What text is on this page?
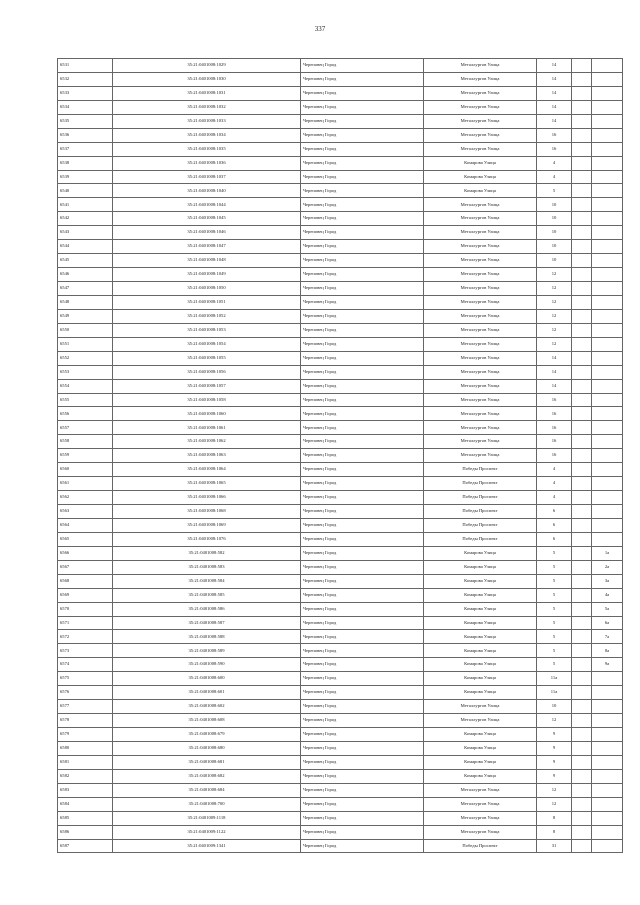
337
6531	35:21:0401008:1029	Череповец Город	Металлургов Улица	14		
6532	35:21:0401008:1030	Череповец Город	Металлургов Улица	14		
6533	35:21:0401008:1031	Череповец Город	Металлургов Улица	14		
6534	35:21:0401008:1032	Череповец Город	Металлургов Улица	14		
6535	35:21:0401008:1033	Череповец Город	Металлургов Улица	14		
6536	35:21:0401008:1034	Череповец Город	Металлургов Улица	16		
6537	35:21:0401008:1035	Череповец Город	Металлургов Улица	16		
6538	35:21:0401008:1036	Череповец Город	Комарова Улица	4		
6539	35:21:0401008:1037	Череповец Город	Комарова Улица	4		
6540	35:21:0401008:1040	Череповец Город	Комарова Улица	5		
6541	35:21:0401008:1044	Череповец Город	Металлургов Улица	10		
6542	35:21:0401008:1045	Череповец Город	Металлургов Улица	10		
6543	35:21:0401008:1046	Череповец Город	Металлургов Улица	10		
6544	35:21:0401008:1047	Череповец Город	Металлургов Улица	10		
6545	35:21:0401008:1048	Череповец Город	Металлургов Улица	10		
6546	35:21:0401008:1049	Череповец Город	Металлургов Улица	12		
6547	35:21:0401008:1050	Череповец Город	Металлургов Улица	12		
6548	35:21:0401008:1051	Череповец Город	Металлургов Улица	12		
6549	35:21:0401008:1052	Череповец Город	Металлургов Улица	12		
6550	35:21:0401008:1053	Череповец Город	Металлургов Улица	12		
6551	35:21:0401008:1054	Череповец Город	Металлургов Улица	12		
6552	35:21:0401008:1055	Череповец Город	Металлургов Улица	14		
6553	35:21:0401008:1056	Череповец Город	Металлургов Улица	14		
6554	35:21:0401008:1057	Череповец Город	Металлургов Улица	14		
6555	35:21:0401008:1058	Череповец Город	Металлургов Улица	16		
6556	35:21:0401008:1060	Череповец Город	Металлургов Улица	16		
6557	35:21:0401008:1061	Череповец Город	Металлургов Улица	16		
6558	35:21:0401008:1062	Череповец Город	Металлургов Улица	16		
6559	35:21:0401008:1063	Череповец Город	Металлургов Улица	16		
6560	35:21:0401008:1064	Череповец Город	Победы Проспект	4		
6561	35:21:0401008:1065	Череповец Город	Победы Проспект	4		
6562	35:21:0401008:1066	Череповец Город	Победы Проспект	4		
6563	35:21:0401008:1068	Череповец Город	Победы Проспект	6		
6564	35:21:0401008:1069	Череповец Город	Победы Проспект	6		
6565	35:21:0401008:1076	Череповец Город	Победы Проспект	6		
6566	35:21:0401008:582	Череповец Город	Комарова Улица	5		1а
6567	35:21:0401008:583	Череповец Город	Комарова Улица	5		2а
6568	35:21:0401008:584	Череповец Город	Комарова Улица	5		3а
6569	35:21:0401008:585	Череповец Город	Комарова Улица	5		4а
6570	35:21:0401008:586	Череповец Город	Комарова Улица	5		5а
6571	35:21:0401008:587	Череповец Город	Комарова Улица	5		6а
6572	35:21:0401008:588	Череповец Город	Комарова Улица	5		7а
6573	35:21:0401008:589	Череповец Город	Комарова Улица	5		8а
6574	35:21:0401008:590	Череповец Город	Комарова Улица	5		9а
6575	35:21:0401008:600	Череповец Город	Комарова Улица	11а		
6576	35:21:0401008:601	Череповец Город	Комарова Улица	11а		
6577	35:21:0401008:602	Череповец Город	Металлургов Улица	10		
6578	35:21:0401008:608	Череповец Город	Металлургов Улица	12		
6579	35:21:0401008:679	Череповец Город	Комарова Улица	9		
6580	35:21:0401008:680	Череповец Город	Комарова Улица	9		
6581	35:21:0401008:681	Череповец Город	Комарова Улица	9		
6582	35:21:0401008:682	Череповец Город	Комарова Улица	9		
6583	35:21:0401008:684	Череповец Город	Металлургов Улица	12		
6584	35:21:0401008:700	Череповец Город	Металлургов Улица	12		
6585	35:21:0401009:1118	Череповец Город	Металлургов Улица	8		
6586	35:21:0401009:1122	Череповец Город	Металлургов Улица	8		
6587	35:21:0401009:1341	Череповец Город	Победы Проспект	31		
